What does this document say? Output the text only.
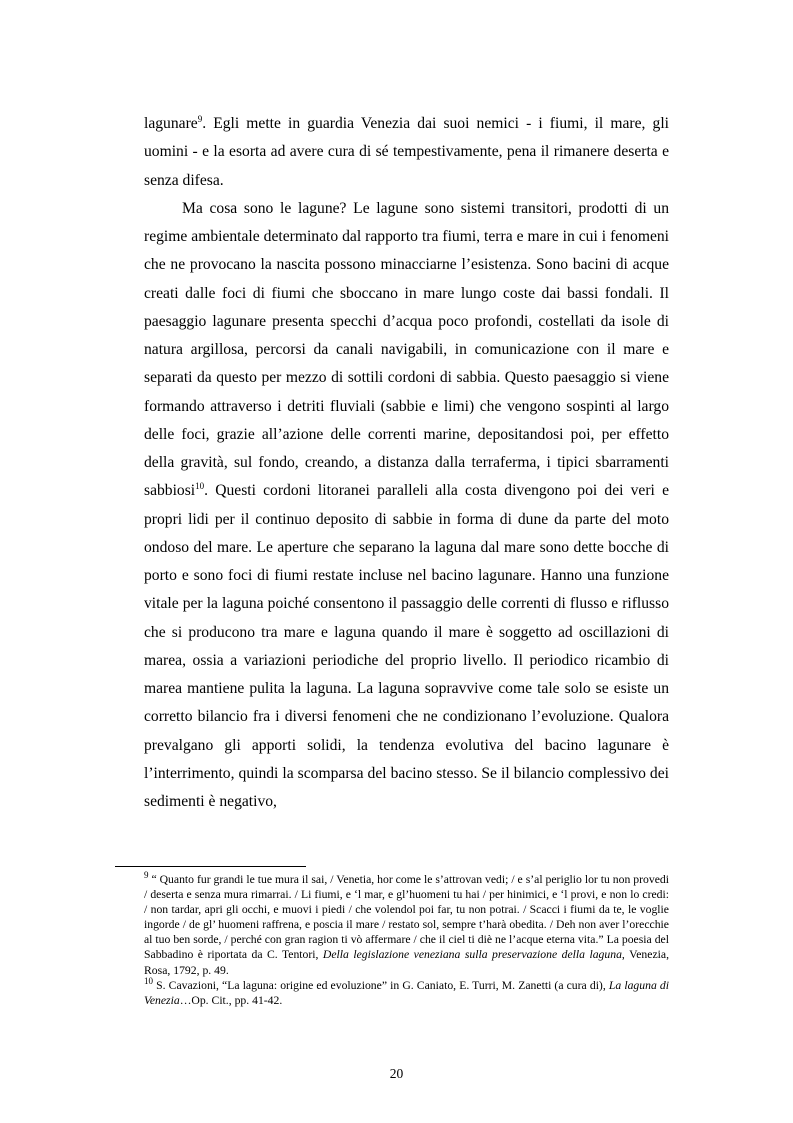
lagunare$^9$. Egli mette in guardia Venezia dai suoi nemici - i fiumi, il mare, gli uomini - e la esorta ad avere cura di sé tempestivamente, pena il rimanere deserta e senza difesa.

Ma cosa sono le lagune? Le lagune sono sistemi transitori, prodotti di un regime ambientale determinato dal rapporto tra fiumi, terra e mare in cui i fenomeni che ne provocano la nascita possono minacciarne l’esistenza. Sono bacini di acque creati dalle foci di fiumi che sboccano in mare lungo coste dai bassi fondali. Il paesaggio lagunare presenta specchi d’acqua poco profondi, costellati da isole di natura argillosa, percorsi da canali navigabili, in comunicazione con il mare e separati da questo per mezzo di sottili cordoni di sabbia. Questo paesaggio si viene formando attraverso i detriti fluviali (sabbie e limi) che vengono sospinti al largo delle foci, grazie all’azione delle correnti marine, depositandosi poi, per effetto della gravità, sul fondo, creando, a distanza dalla terraferma, i tipici sbarramenti sabbiosi$^{10}$. Questi cordoni litoranei paralleli alla costa divengono poi dei veri e propri lidi per il continuo deposito di sabbie in forma di dune da parte del moto ondoso del mare. Le aperture che separano la laguna dal mare sono dette bocche di porto e sono foci di fiumi restate incluse nel bacino lagunare. Hanno una funzione vitale per la laguna poiché consentono il passaggio delle correnti di flusso e riflusso che si producono tra mare e laguna quando il mare è soggetto ad oscillazioni di marea, ossia a variazioni periodiche del proprio livello. Il periodico ricambio di marea mantiene pulita la laguna. La laguna sopravvive come tale solo se esiste un corretto bilancio fra i diversi fenomeni che ne condizionano l’evoluzione. Qualora prevalgano gli apporti solidi, la tendenza evolutiva del bacino lagunare è l’interrimento, quindi la scomparsa del bacino stesso. Se il bilancio complessivo dei sedimenti è negativo,

$^9$ “ Quanto fur grandi le tue mura il sai, / Venetia, hor come le s’attrovan vedi; / e s’al periglio lor tu non provedi / deserta e senza mura rimarrai. / Li fiumi, e ‘l mar, e gl’huomeni tu hai / per hinimici, e ‘l provi, e non lo credi: / non tardar, apri gli occhi, e muovi i piedi / che volendol poi far, tu non potrai. / Scacci i fiumi da te, le voglie ingorde / de gl’ huomeni raffrena, e poscia il mare / restato sol, sempre t’harà obedita. / Deh non aver l’orecchie al tuo ben sorde, / perché con gran ragion ti vò affermare / che il ciel ti diè ne l’acque eterna vita.” La poesia del Sabbadino è riportata da C. Tentori, Della legislazione veneziana sulla preservazione della laguna, Venezia, Rosa, 1792, p. 49.

$^{10}$ S. Cavazioni, “La laguna: origine ed evoluzione” in G. Caniato, E. Turri, M. Zanetti (a cura di), La laguna di Venezia…Op. Cit., pp. 41-42.

20
